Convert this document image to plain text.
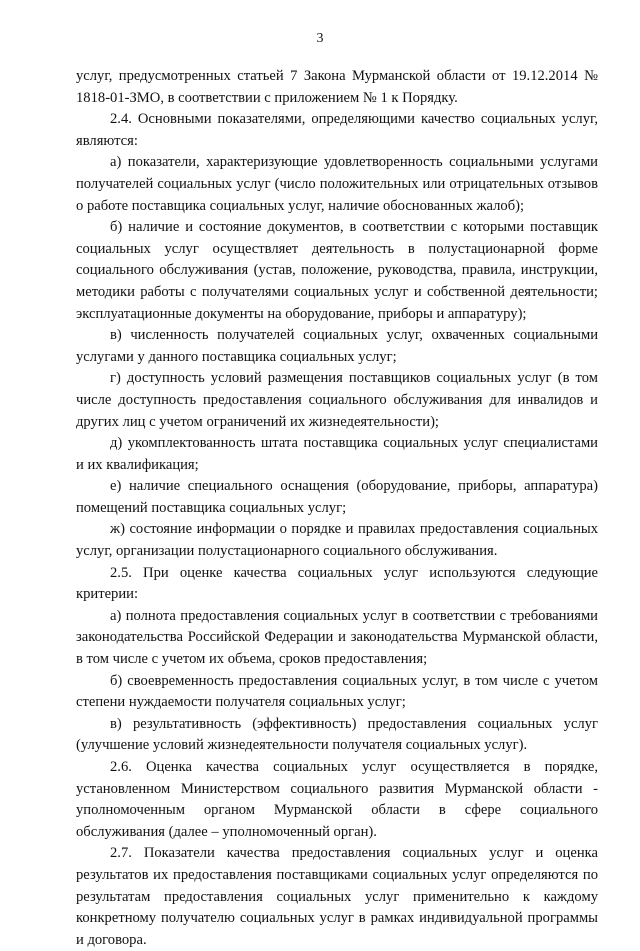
3

услуг, предусмотренных статьей 7 Закона Мурманской области от 19.12.2014 № 1818-01-ЗМО, в соответствии с приложением № 1 к Порядку.

2.4. Основными показателями, определяющими качество социальных услуг, являются:

а) показатели, характеризующие удовлетворенность социальными услугами получателей социальных услуг (число положительных или отрицательных отзывов о работе поставщика социальных услуг, наличие обоснованных жалоб);

б) наличие и состояние документов, в соответствии с которыми поставщик социальных услуг осуществляет деятельность в полустационарной форме социального обслуживания (устав, положение, руководства, правила, инструкции, методики работы с получателями социальных услуг и собственной деятельности; эксплуатационные документы на оборудование, приборы и аппаратуру);

в) численность получателей социальных услуг, охваченных социальными услугами у данного поставщика социальных услуг;

г) доступность условий размещения поставщиков социальных услуг (в том числе доступность предоставления социального обслуживания для инвалидов и других лиц с учетом ограничений их жизнедеятельности);

д) укомплектованность штата поставщика социальных услуг специалистами и их квалификация;

е) наличие специального оснащения (оборудование, приборы, аппаратура) помещений поставщика социальных услуг;

ж) состояние информации о порядке и правилах предоставления социальных услуг, организации полустационарного социального обслуживания.

2.5. При оценке качества социальных услуг используются следующие критерии:

а) полнота предоставления социальных услуг в соответствии с требованиями законодательства Российской Федерации и законодательства Мурманской области, в том числе с учетом их объема, сроков предоставления;

б) своевременность предоставления социальных услуг, в том числе с учетом степени нуждаемости получателя социальных услуг;

в) результативность (эффективность) предоставления социальных услуг (улучшение условий жизнедеятельности получателя социальных услуг).

2.6. Оценка качества социальных услуг осуществляется в порядке, установленном Министерством социального развития Мурманской области - уполномоченным органом Мурманской области в сфере социального обслуживания (далее – уполномоченный орган).

2.7. Показатели качества предоставления социальных услуг и оценка результатов их предоставления поставщиками социальных услуг определяются по результатам предоставления социальных услуг применительно к каждому конкретному получателю социальных услуг в рамках индивидуальной программы и договора.
